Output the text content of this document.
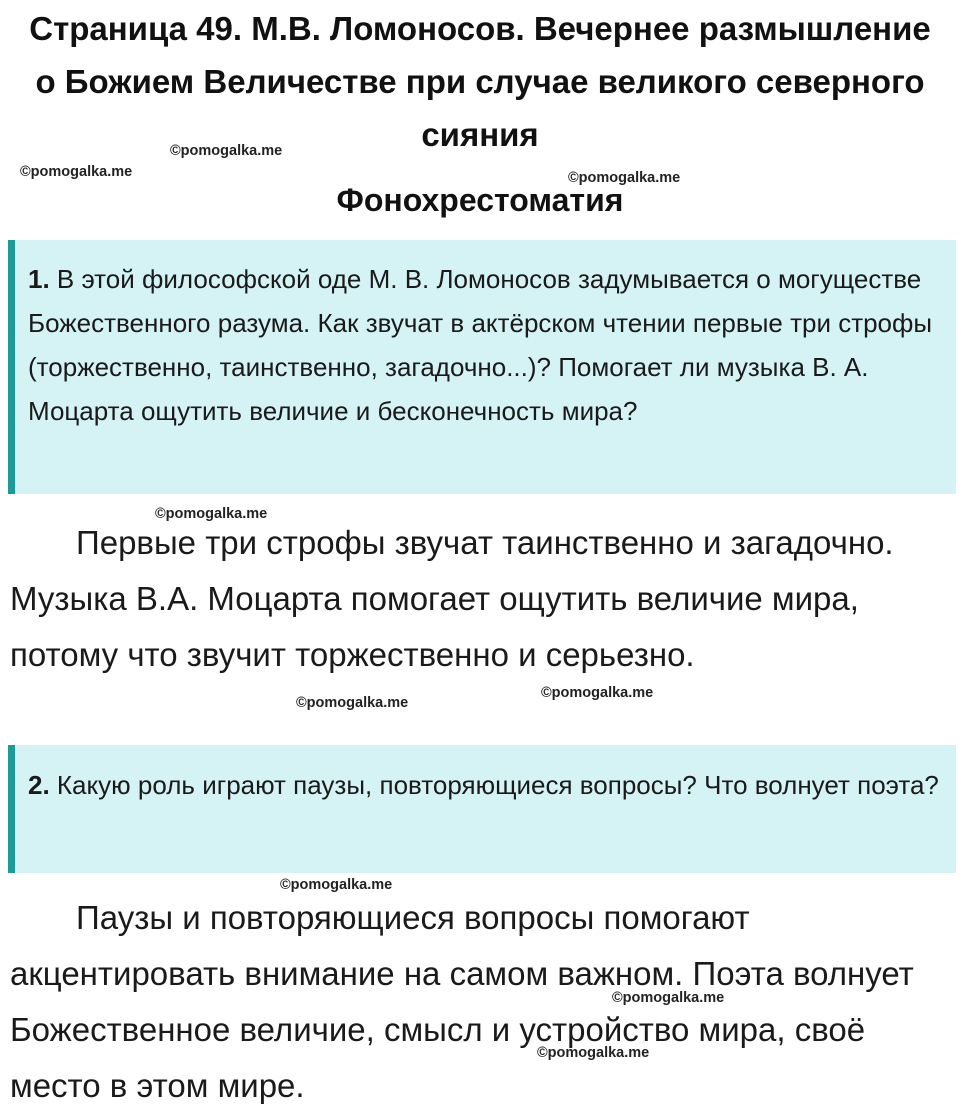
Страница 49. М.В. Ломоносов. Вечернее размышление о Божием Величестве при случае великого северного сияния
©pomogalka.me
©pomogalka.me	©pomogalka.me
Фонохрестоматия
1. В этой философской оде М. В. Ломоносов задумывается о могуществе Божественного разума. Как звучат в актёрском чтении первые три строфы (торжественно, таинственно, загадочно...)? Помогает ли музыка В. А. Моцарта ощутить величие и бесконечность мира?
©pomogalka.me
Первые три строфы звучат таинственно и загадочно. Музыка В.А. Моцарта помогает ощутить величие мира, потому что звучит торжественно и серьезно.
©pomogalka.me
©pomogalka.me
2. Какую роль играют паузы, повторяющиеся вопросы? Что волнует поэта?
©pomogalka.me
Паузы и повторяющиеся вопросы помогают акцентировать внимание на самом важном. Поэта волнует Божественное величие, смысл и устройство мира, своё место в этом мире.
©pomogalka.me
©pomogalka.me
